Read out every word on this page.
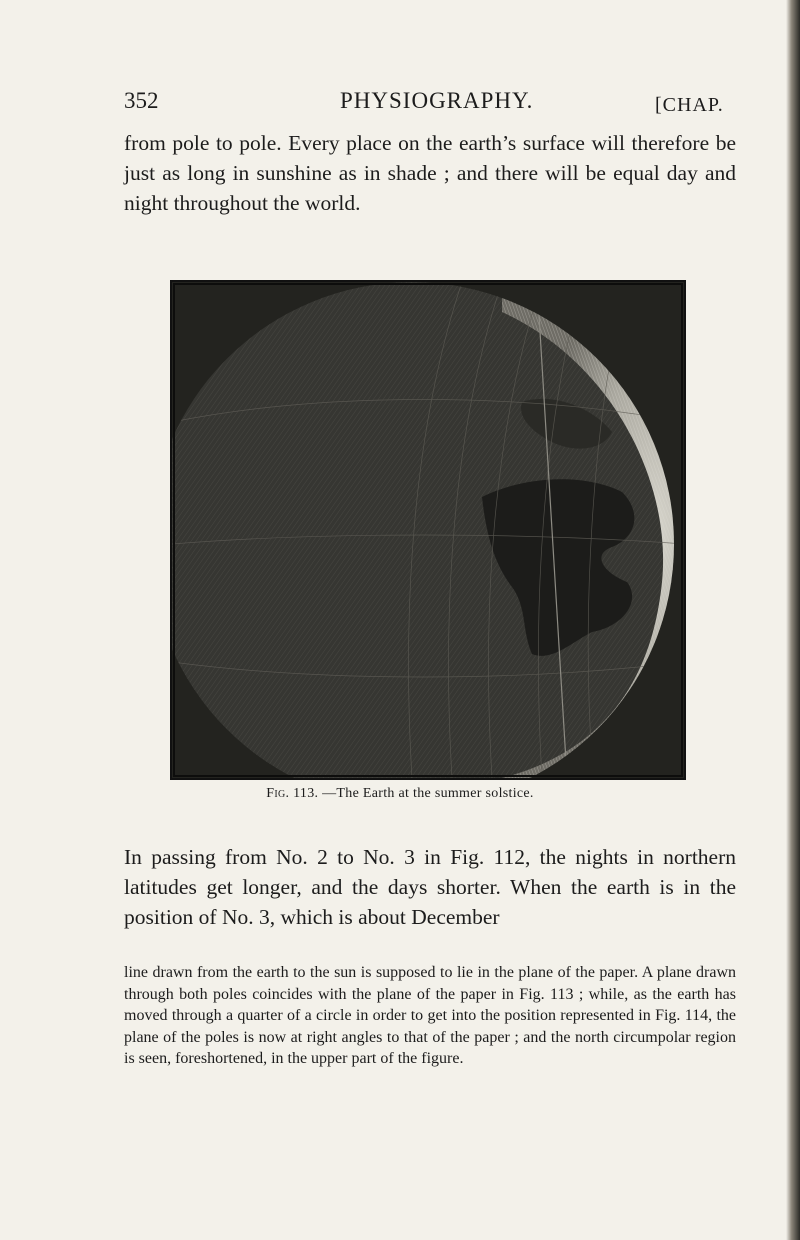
352	PHYSIOGRAPHY.	[CHAP.

from pole to pole. Every place on the earth’s surface will therefore be just as long in sunshine as in shade ; and there will be equal day and night throughout the world.

Fig. 113. —The Earth at the summer solstice.

In passing from No. 2 to No. 3 in Fig. 112, the nights in northern latitudes get longer, and the days shorter. When the earth is in the position of No. 3, which is about December

line drawn from the earth to the sun is supposed to lie in the plane of the paper. A plane drawn through both poles coincides with the plane of the paper in Fig. 113 ; while, as the earth has moved through a quarter of a circle in order to get into the position represented in Fig. 114, the plane of the poles is now at right angles to that of the paper ; and the north circumpolar region is seen, foreshortened, in the upper part of the figure.
